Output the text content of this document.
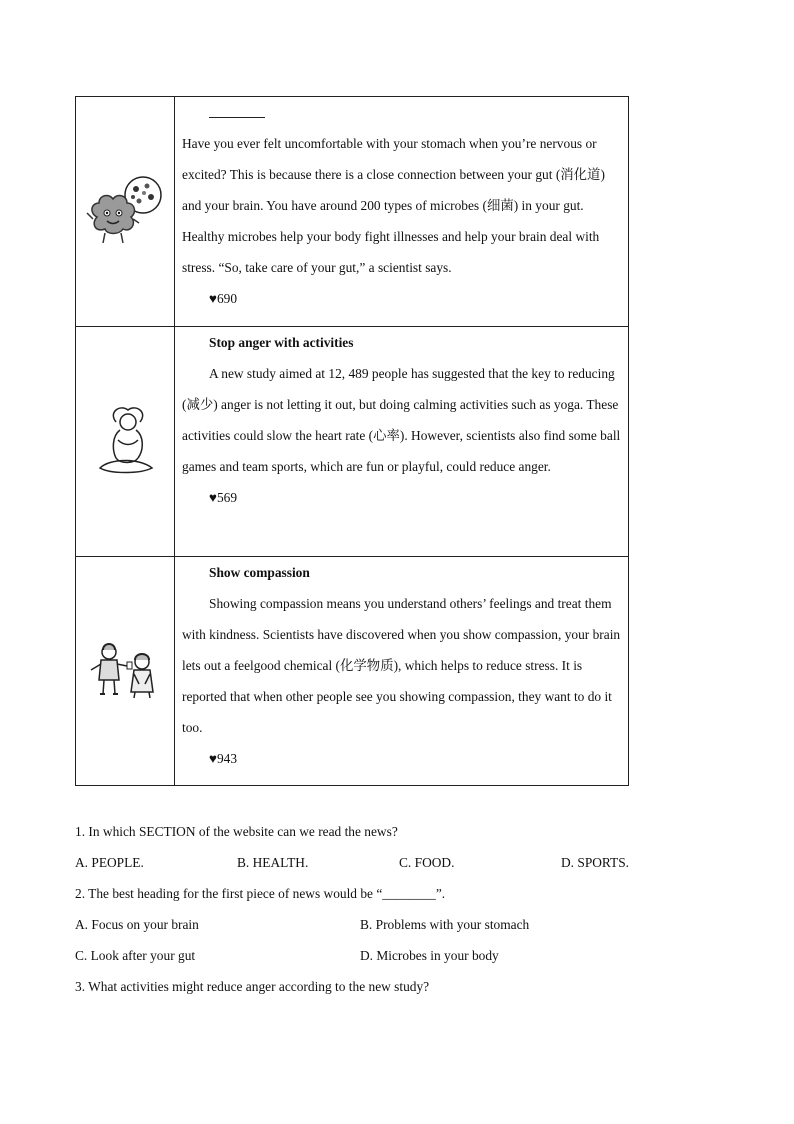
Have you ever felt uncomfortable with your stomach when you’re nervous or excited? This is because there is a close connection between your gut (消化道) and your brain. You have around 200 types of microbes (细菌) in your gut. Healthy microbes help your body fight illnesses and help your brain deal with stress. “So, take care of your gut,” a scientist says.

♥690

Stop anger with activities

A new study aimed at 12, 489 people has suggested that the key to reducing (减少) anger is not letting it out, but doing calming activities such as yoga. These activities could slow the heart rate (心率). However, scientists also find some ball games and team sports, which are fun or playful, could reduce anger.

♥569

Show compassion

Showing compassion means you understand others’ feelings and treat them with kindness. Scientists have discovered when you show compassion, your brain lets out a feelgood chemical (化学物质), which helps to reduce stress. It is reported that when other people see you showing compassion, they want to do it too.

♥943

1. In which SECTION of the website can we read the news?

A. PEOPLE.	B. HEALTH.	C. FOOD.	D. SPORTS.

2. The best heading for the first piece of news would be “________”.

A. Focus on your brain	B. Problems with your stomach
C. Look after your gut	D. Microbes in your body

3. What activities might reduce anger according to the new study?
